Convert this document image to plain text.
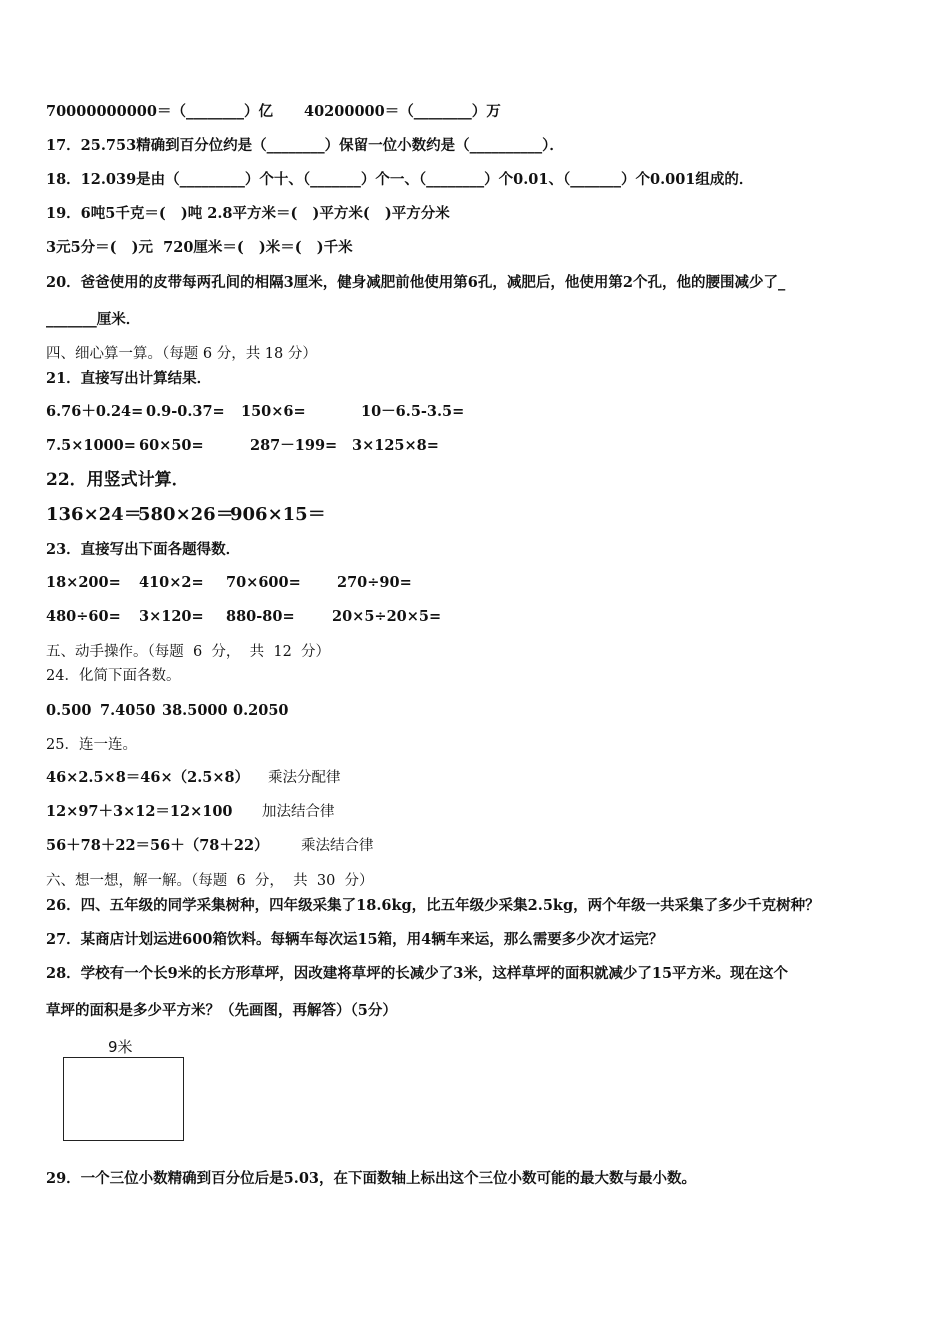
70000000000＝（________）亿 40200000＝（________）万
17．25.753精确到百分位约是（________）保留一位小数约是（__________）．
18．12.039是由（_________）个十、（_______）个一、（________）个0.01、（_______）个0.001组成的．
19．6吨5千克＝(   )吨 2.8平方米＝(   )平方米(   )平方分米
3元5分＝(   )元  720厘米＝(   )米＝(   )千米
20．爸爸使用的皮带每两孔间的相隔3厘米，健身减肥前他使用第6孔，减肥后，他使用第2个孔，他的腰围减少了_
_______厘米．
四、细心算一算。（每题 6 分，共 18 分）
21．直接写出计算结果．
6.76＋0.24= 0.9-0.37= 150×6=	10－6.5-3.5=
7.5×1000= 60×50=	287－199= 3×125×8=
22．用竖式计算．
136×24＝
580×26＝
906×15＝
23．直接写出下面各题得数．
18×200= 410×2= 70×600=	270÷90=
480÷60= 3×120= 880-80=	20×5÷20×5=
五、动手操作。（每题  6  分，  共  12  分）
24．化简下面各数。
0.500 7.4050 38.5000 0.2050
25．连一连。
46×2.5×8＝46×（2.5×8） 乘法分配律
12×97＋3×12＝12×100 加法结合律
56＋78＋22＝56＋（78＋22） 乘法结合律
六、想一想，解一解。（每题  6  分，  共  30  分）
26．四、五年级的同学采集树种，四年级采集了18.6kg，比五年级少采集2.5kg，两个年级一共采集了多少千克树种？
27．某商店计划运进600箱饮料。每辆车每次运15箱，用4辆车来运，那么需要多少次才运完？
28．学校有一个长9米的长方形草坪，因改建将草坪的长减少了3米，这样草坪的面积就减少了15平方米。现在这个
草坪的面积是多少平方米？（先画图，再解答）（5分）
9米
29．一个三位小数精确到百分位后是5.03，在下面数轴上标出这个三位小数可能的最大数与最小数。
